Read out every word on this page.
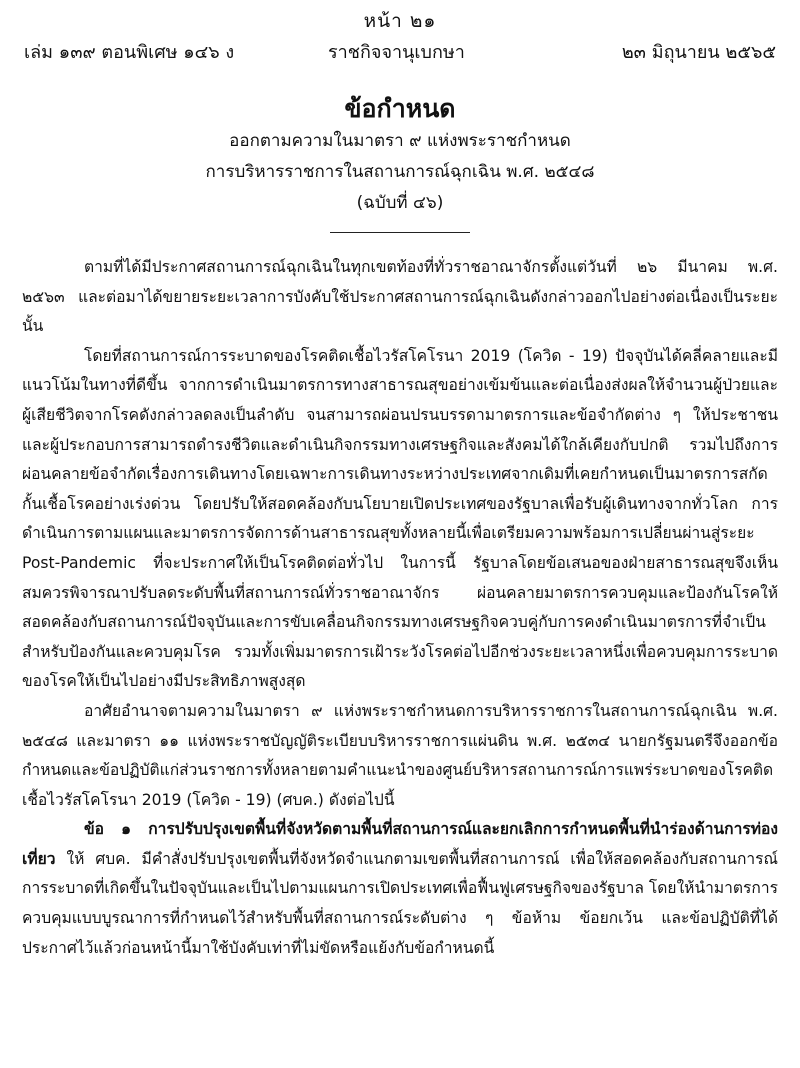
หน้า ๒๑
เล่ม ๑๓๙ ตอนพิเศษ ๑๔๖ ง	ราชกิจจานุเบกษา	๒๓ มิถุนายน ๒๕๖๕
ข้อกำหนด
ออกตามความในมาตรา ๙ แห่งพระราชกำหนด
การบริหารราชการในสถานการณ์ฉุกเฉิน พ.ศ. ๒๕๔๘
(ฉบับที่ ๔๖)

ตามที่ได้มีประกาศสถานการณ์ฉุกเฉินในทุกเขตท้องที่ทั่วราชอาณาจักรตั้งแต่วันที่ ๒๖ มีนาคม พ.ศ. ๒๕๖๓ และต่อมาได้ขยายระยะเวลาการบังคับใช้ประกาศสถานการณ์ฉุกเฉินดังกล่าวออกไปอย่างต่อเนื่องเป็นระยะ นั้น

โดยที่สถานการณ์การระบาดของโรคติดเชื้อไวรัสโคโรนา 2019 (โควิด - 19) ปัจจุบันได้คลี่คลายและมีแนวโน้มในทางที่ดีขึ้น จากการดำเนินมาตรการทางสาธารณสุขอย่างเข้มข้นและต่อเนื่องส่งผลให้จำนวนผู้ป่วยและผู้เสียชีวิตจากโรคดังกล่าวลดลงเป็นลำดับ จนสามารถผ่อนปรนบรรดามาตรการและข้อจำกัดต่าง ๆ ให้ประชาชนและผู้ประกอบการสามารถดำรงชีวิตและดำเนินกิจกรรมทางเศรษฐกิจและสังคมได้ใกล้เคียงกับปกติ รวมไปถึงการผ่อนคลายข้อจำกัดเรื่องการเดินทางโดยเฉพาะการเดินทางระหว่างประเทศจากเดิมที่เคยกำหนดเป็นมาตรการสกัดกั้นเชื้อโรคอย่างเร่งด่วน โดยปรับให้สอดคล้องกับนโยบายเปิดประเทศของรัฐบาลเพื่อรับผู้เดินทางจากทั่วโลก การดำเนินการตามแผนและมาตรการจัดการด้านสาธารณสุขทั้งหลายนี้เพื่อเตรียมความพร้อมการเปลี่ยนผ่านสู่ระยะ Post-Pandemic ที่จะประกาศให้เป็นโรคติดต่อทั่วไป ในการนี้ รัฐบาลโดยข้อเสนอของฝ่ายสาธารณสุขจึงเห็นสมควรพิจารณาปรับลดระดับพื้นที่สถานการณ์ทั่วราชอาณาจักร ผ่อนคลายมาตรการควบคุมและป้องกันโรคให้สอดคล้องกับสถานการณ์ปัจจุบันและการขับเคลื่อนกิจกรรมทางเศรษฐกิจควบคู่กับการคงดำเนินมาตรการที่จำเป็นสำหรับป้องกันและควบคุมโรค รวมทั้งเพิ่มมาตรการเฝ้าระวังโรคต่อไปอีกช่วงระยะเวลาหนึ่งเพื่อควบคุมการระบาดของโรคให้เป็นไปอย่างมีประสิทธิภาพสูงสุด

อาศัยอำนาจตามความในมาตรา ๙ แห่งพระราชกำหนดการบริหารราชการในสถานการณ์ฉุกเฉิน พ.ศ. ๒๕๔๘ และมาตรา ๑๑ แห่งพระราชบัญญัติระเบียบบริหารราชการแผ่นดิน พ.ศ. ๒๕๓๔ นายกรัฐมนตรีจึงออกข้อกำหนดและข้อปฏิบัติแก่ส่วนราชการทั้งหลายตามคำแนะนำของศูนย์บริหารสถานการณ์การแพร่ระบาดของโรคติดเชื้อไวรัสโคโรนา 2019 (โควิด - 19) (ศบค.) ดังต่อไปนี้

ข้อ ๑ การปรับปรุงเขตพื้นที่จังหวัดตามพื้นที่สถานการณ์และยกเลิกการกำหนดพื้นที่นำร่องด้านการท่องเที่ยว ให้ ศบค. มีคำสั่งปรับปรุงเขตพื้นที่จังหวัดจำแนกตามเขตพื้นที่สถานการณ์ เพื่อให้สอดคล้องกับสถานการณ์การระบาดที่เกิดขึ้นในปัจจุบันและเป็นไปตามแผนการเปิดประเทศเพื่อฟื้นฟูเศรษฐกิจของรัฐบาล โดยให้นำมาตรการควบคุมแบบบูรณาการที่กำหนดไว้สำหรับพื้นที่สถานการณ์ระดับต่าง ๆ ข้อห้าม ข้อยกเว้น และข้อปฏิบัติที่ได้ประกาศไว้แล้วก่อนหน้านี้มาใช้บังคับเท่าที่ไม่ขัดหรือแย้งกับข้อกำหนดนี้
